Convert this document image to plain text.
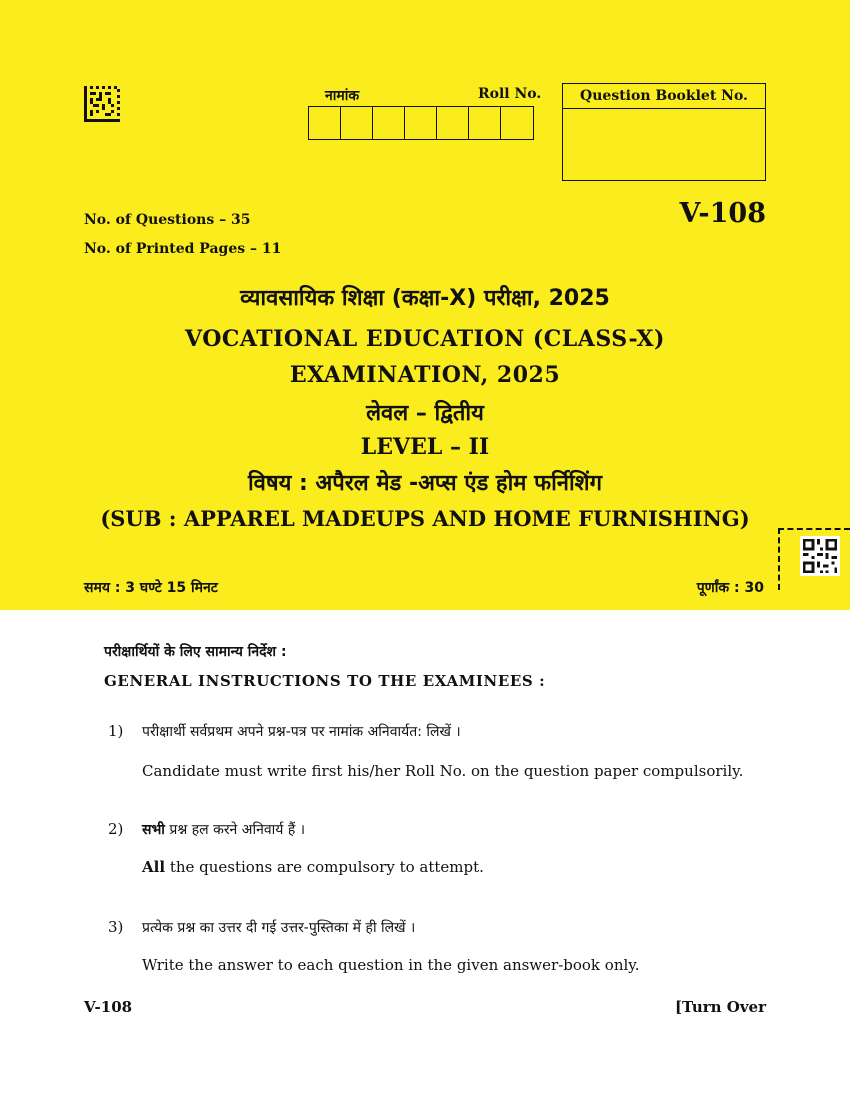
नामांक	Roll No.	Question Booklet No.
No. of Questions – 35
No. of Printed Pages – 11
V-108
व्यावसायिक शिक्षा (कक्षा-X) परीक्षा, 2025
VOCATIONAL EDUCATION (CLASS-X)
EXAMINATION, 2025
लेवल – द्वितीय
LEVEL – II
विषय : अपैरल मेड -अप्स एंड होम फर्निशिंग
(SUB : APPAREL MADEUPS AND HOME FURNISHING)
समय : 3 घण्टे 15 मिनट	पूर्णांक : 30
परीक्षार्थियों के लिए सामान्य निर्देश :
GENERAL INSTRUCTIONS TO THE EXAMINEES :
1) परीक्षार्थी सर्वप्रथम अपने प्रश्न-पत्र पर नामांक अनिवार्यत: लिखें ।
Candidate must write first his/her Roll No. on the question paper compulsorily.
2) सभी प्रश्न हल करने अनिवार्य हैं ।
All the questions are compulsory to attempt.
3) प्रत्येक प्रश्न का उत्तर दी गई उत्तर-पुस्तिका में ही लिखें ।
Write the answer to each question in the given answer-book only.
V-108	[Turn Over
